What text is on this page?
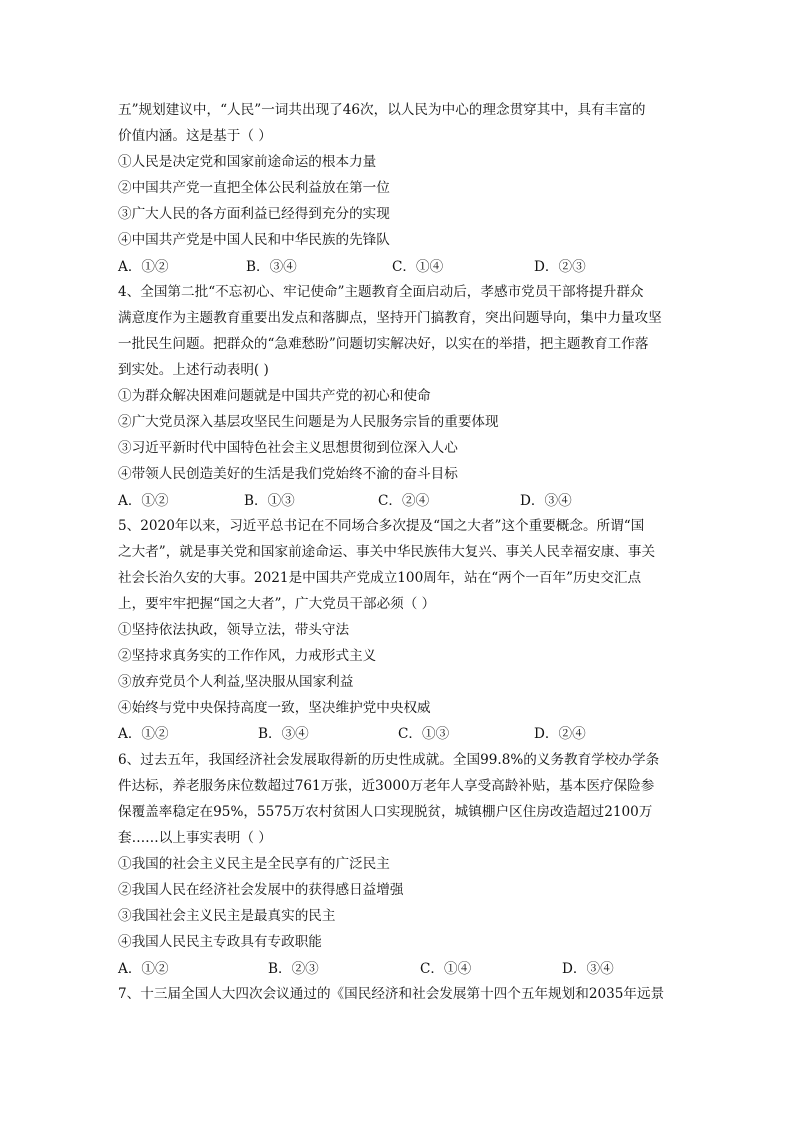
五”规划建议中，“人民”一词共出现了46次，以人民为中心的理念贯穿其中，具有丰富的
价值内涵。这是基于（ ）
①人民是决定党和国家前途命运的根本力量
②中国共产党一直把全体公民利益放在第一位
③广大人民的各方面利益已经得到充分的实现
④中国共产党是中国人民和中华民族的先锋队
A．①②	B．③④	C．①④	D．②③
4、全国第二批“不忘初心、牢记使命”主题教育全面启动后，孝感市党员干部将提升群众
满意度作为主题教育重要出发点和落脚点，坚持开门搞教育，突出问题导向，集中力量攻坚
一批民生问题。把群众的“急难愁盼”问题切实解决好，以实在的举措，把主题教育工作落
到实处。上述行动表明( )
①为群众解决困难问题就是中国共产党的初心和使命
②广大党员深入基层攻坚民生问题是为人民服务宗旨的重要体现
③习近平新时代中国特色社会主义思想贯彻到位深入人心
④带领人民创造美好的生活是我们党始终不渝的奋斗目标
A．①②	B．①③	C．②④	D．③④
5、2020年以来，习近平总书记在不同场合多次提及“国之大者”这个重要概念。所谓“国
之大者”，就是事关党和国家前途命运、事关中华民族伟大复兴、事关人民幸福安康、事关
社会长治久安的大事。2021是中国共产党成立100周年，站在“两个一百年”历史交汇点
上，要牢牢把握“国之大者”，广大党员干部必须（ ）
①坚持依法执政，领导立法，带头守法
②坚持求真务实的工作作风，力戒形式主义
③放弃党员个人利益,坚决服从国家利益
④始终与党中央保持高度一致，坚决维护党中央权威
A．①②	B．③④	C．①③	D．②④
6、过去五年，我国经济社会发展取得新的历史性成就。全国99.8%的义务教育学校办学条
件达标，养老服务床位数超过761万张，近3000万老年人享受高龄补贴，基本医疗保险参
保覆盖率稳定在95%，5575万农村贫困人口实现脱贫，城镇棚户区住房改造超过2100万
套……以上事实表明（ ）
①我国的社会主义民主是全民享有的广泛民主
②我国人民在经济社会发展中的获得感日益增强
③我国社会主义民主是最真实的民主
④我国人民民主专政具有专政职能
A．①②	B．②③	C．①④	D．③④
7、十三届全国人大四次会议通过的《国民经济和社会发展第十四个五年规划和2035年远景
